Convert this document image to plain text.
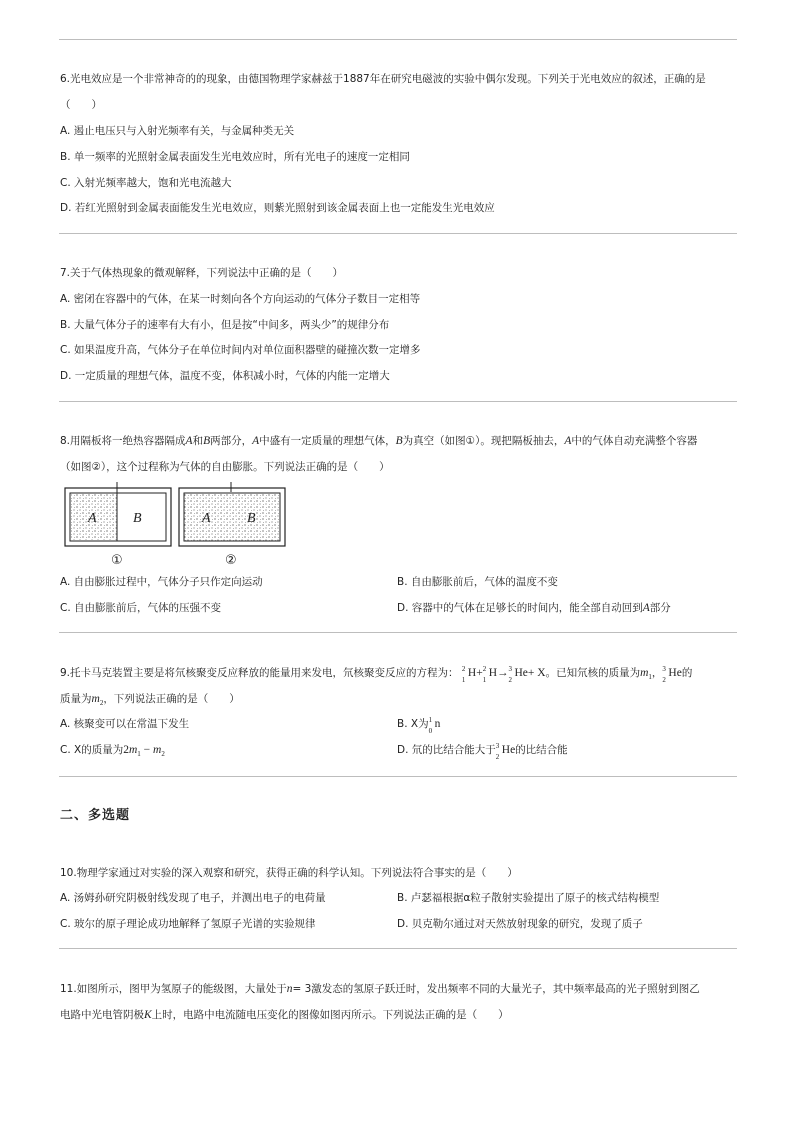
6.光电效应是一个非常神奇的的现象，由德国物理学家赫兹于1887年在研究电磁波的实验中偶尔发现。下列关于光电效应的叙述，正确的是
（　　）
A. 遏止电压只与入射光频率有关，与金属种类无关
B. 单一频率的光照射金属表面发生光电效应时，所有光电子的速度一定相同
C. 入射光频率越大，饱和光电流越大
D. 若红光照射到金属表面能发生光电效应，则紫光照射到该金属表面上也一定能发生光电效应
7.关于气体热现象的微观解释，下列说法中正确的是（　　）
A. 密闭在容器中的气体，在某一时刻向各个方向运动的气体分子数目一定相等
B. 大量气体分子的速率有大有小，但是按“中间多，两头少”的规律分布
C. 如果温度升高，气体分子在单位时间内对单位面积器壁的碰撞次数一定增多
D. 一定质量的理想气体，温度不变，体积减小时，气体的内能一定增大
8.用隔板将一绝热容器隔成A和B两部分，A中盛有一定质量的理想气体，B为真空（如图①）。现把隔板抽去，A中的气体自动充满整个容器
（如图②），这个过程称为气体的自由膨胀。下列说法正确的是（　　）
A	B
①
A	B
②
A. 自由膨胀过程中，气体分子只作定向运动	B. 自由膨胀前后，气体的温度不变
C. 自由膨胀前后，气体的压强不变	D. 容器中的气体在足够长的时间内，能全部自动回到A部分
9.托卡马克装置主要是将氘核聚变反应释放的能量用来发电，氘核聚变反应的方程为： 2
1
H+ 2
1
H→ 3
2
He+ X。已知氘核的质量为$m_1$， 3
2
He的
质量为$m_2$，下列说法正确的是（　　）
A. 核聚变可以在常温下发生	B. X为 1
0
n
C. X的质量为$2m_1 - m_2$	D. 氘的比结合能大于 3
2
He的比结合能
二、多选题
10.物理学家通过对实验的深入观察和研究，获得正确的科学认知。下列说法符合事实的是（　　）
A. 汤姆孙研究阴极射线发现了电子，并测出电子的电荷量	B. 卢瑟福根据α粒子散射实验提出了原子的核式结构模型
C. 玻尔的原子理论成功地解释了氢原子光谱的实验规律	D. 贝克勒尔通过对天然放射现象的研究，发现了质子
11.如图所示，图甲为氢原子的能级图，大量处于n= 3激发态的氢原子跃迁时，发出频率不同的大量光子，其中频率最高的光子照射到图乙
电路中光电管阴极K上时，电路中电流随电压变化的图像如图丙所示。下列说法正确的是（　　）
